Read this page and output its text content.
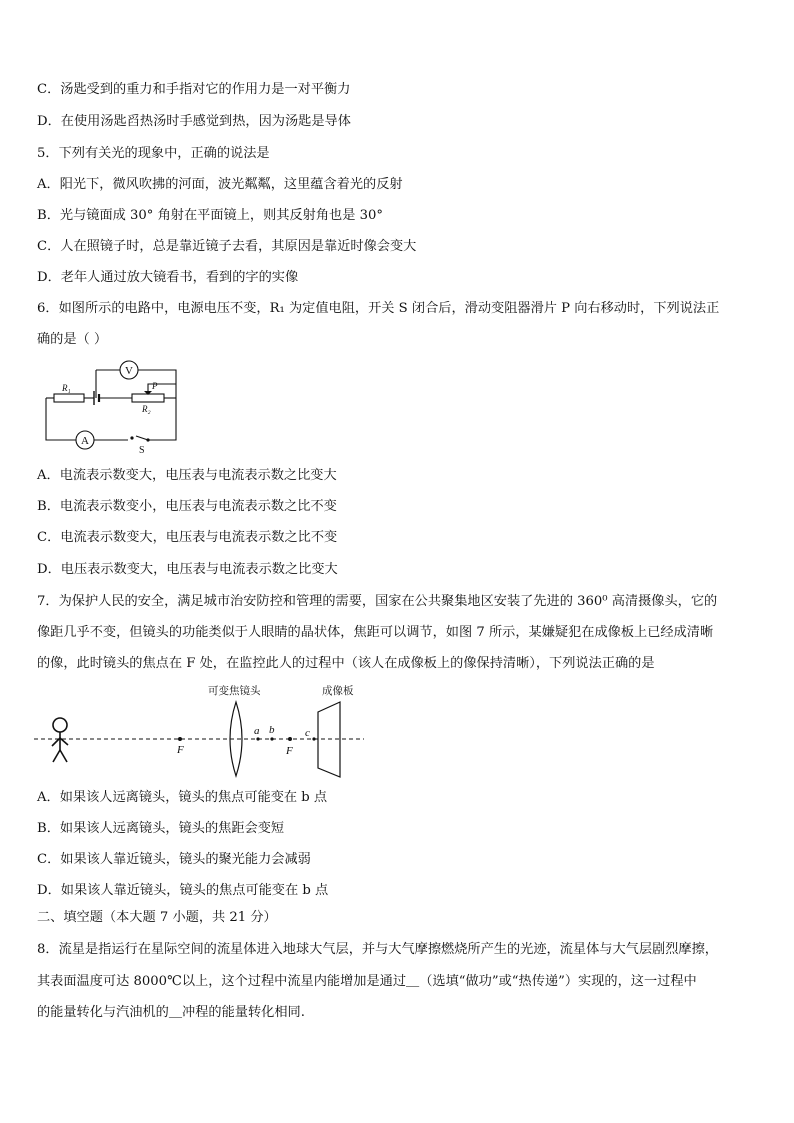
C．汤匙受到的重力和手指对它的作用力是一对平衡力
D．在使用汤匙舀热汤时手感觉到热，因为汤匙是导体
5．下列有关光的现象中，正确的说法是
A．阳光下，微风吹拂的河面，波光粼粼，这里蕴含着光的反射
B．光与镜面成 30° 角射在平面镜上，则其反射角也是 30°
C．人在照镜子时，总是靠近镜子去看，其原因是靠近时像会变大
D．老年人通过放大镜看书，看到的字的实像
6．如图所示的电路中，电源电压不变，R₁ 为定值电阻，开关 S 闭合后，滑动变阻器滑片 P 向右移动时，下列说法正
确的是（ ）
V
A
R₁
R₂
P
S
A．电流表示数变大，电压表与电流表示数之比变大
B．电流表示数变小，电压表与电流表示数之比不变
C．电流表示数变大，电压表与电流表示数之比不变
D．电压表示数变大，电压表与电流表示数之比变大
7．为保护人民的安全，满足城市治安防控和管理的需要，国家在公共聚集地区安装了先进的 360⁰ 高清摄像头，它的
像距几乎不变，但镜头的功能类似于人眼睛的晶状体，焦距可以调节，如图 7 所示，某嫌疑犯在成像板上已经成清晰
的像，此时镜头的焦点在 F 处，在监控此人的过程中（该人在成像板上的像保持清晰），下列说法正确的是
可变焦镜头	成像板
F	F
a b	c
A．如果该人远离镜头，镜头的焦点可能变在 b 点
B．如果该人远离镜头，镜头的焦距会变短
C．如果该人靠近镜头，镜头的聚光能力会减弱
D．如果该人靠近镜头，镜头的焦点可能变在 b 点
二、填空题（本大题 7 小题，共 21 分）
8．流星是指运行在星际空间的流星体进入地球大气层，并与大气摩擦燃烧所产生的光迹，流星体与大气层剧烈摩擦，
其表面温度可达 8000℃以上，这个过程中流星内能增加是通过＿（选填“做功”或“热传递”）实现的，这一过程中
的能量转化与汽油机的＿冲程的能量转化相同.
